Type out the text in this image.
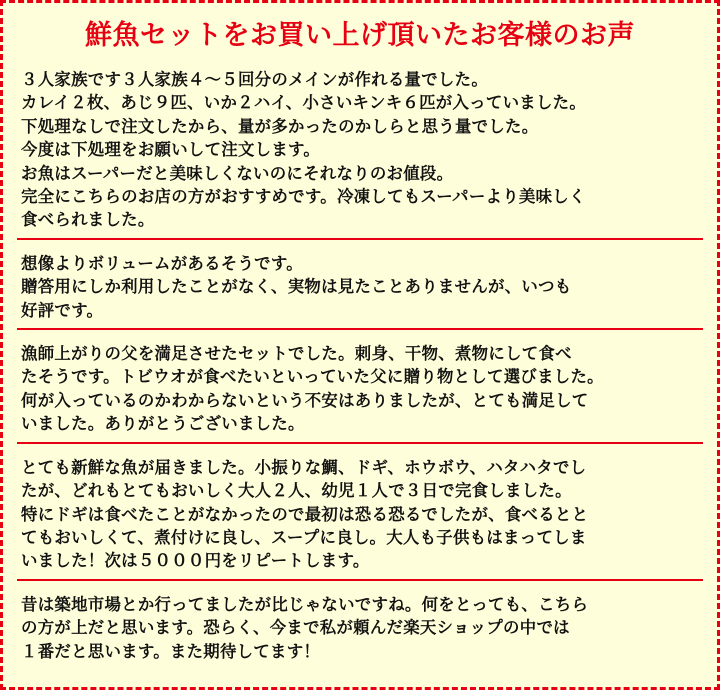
鮮魚セットをお買い上げ頂いたお客様のお声
３人家族です３人家族４～５回分のメインが作れる量でした。
カレイ２枚、あじ９匹、いか２ハイ、小さいキンキ６匹が入っていました。
下処理なしで注文したから、量が多かったのかしらと思う量でした。
今度は下処理をお願いして注文します。
お魚はスーパーだと美味しくないのにそれなりのお値段。
完全にこちらのお店の方がおすすめです。冷凍してもスーパーより美味しく
食べられました。
想像よりボリュームがあるそうです。
贈答用にしか利用したことがなく、実物は見たことありませんが、いつも
好評です。
漁師上がりの父を満足させたセットでした。刺身、干物、煮物にして食べ
たそうです。トビウオが食べたいといっていた父に贈り物として選びました。
何が入っているのかわからないという不安はありましたが、とても満足して
いました。ありがとうございました。
とても新鮮な魚が届きました。小振りな鯛、ドギ、ホウボウ、ハタハタでし
たが、どれもとてもおいしく大人２人、幼児１人で３日で完食しました。
特にドギは食べたことがなかったので最初は恐る恐るでしたが、食べるとと
てもおいしくて、煮付けに良し、スープに良し。大人も子供もはまってしま
いました！次は５０００円をリピートします。
昔は築地市場とか行ってましたが比じゃないですね。何をとっても、こちら
の方が上だと思います。恐らく、今まで私が頼んだ楽天ショップの中では
１番だと思います。また期待してます！
